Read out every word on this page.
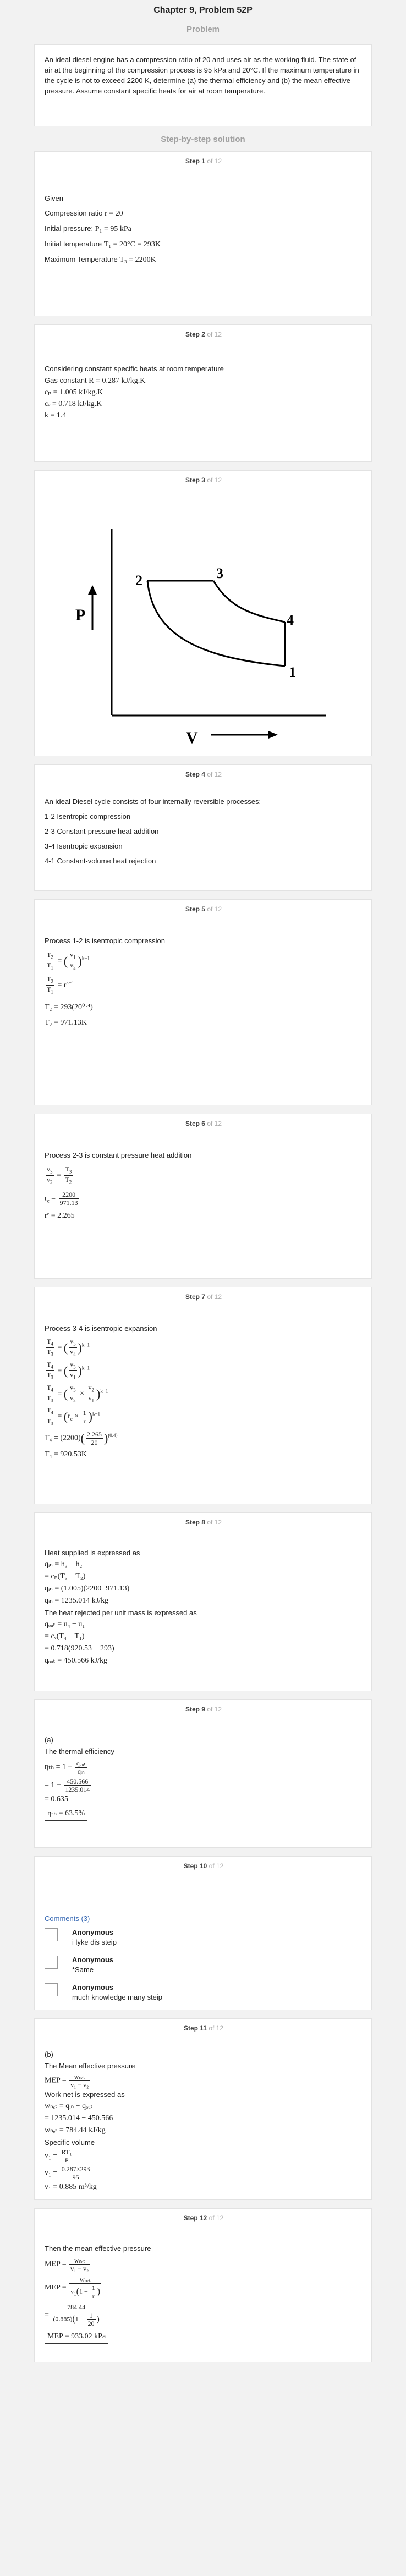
Chapter 9, Problem 52P
Problem
An ideal diesel engine has a compression ratio of 20 and uses air as the working fluid. The state of air at the beginning of the compression process is 95 kPa and 20°C. If the maximum temperature in the cycle is not to exceed 2200 K, determine (a) the thermal efficiency and (b) the mean effective pressure. Assume constant specific heats for air at room temperature.
Step-by-step solution
Step 1 of 12
Given
Compression ratio r = 20
Initial pressure: P₁ = 95 kPa
Initial temperature T₁ = 20°C = 293K
Maximum Temperature T₃ = 2200K
Step 2 of 12
Considering constant specific heats at room temperature
Gas constant R = 0.287 kJ/kg.K
cₚ = 1.005 kJ/kg.K
cᵥ = 0.718 kJ/kg.K
k = 1.4
Step 3 of 12
P
V
2	3
4
1
Step 4 of 12
An ideal Diesel cycle consists of four internally reversible processes:
1-2 Isentropic compression
2-3 Constant-pressure heat addition
3-4 Isentropic expansion
4-1 Constant-volume heat rejection
Step 5 of 12
Process 1-2 is isentropic compression
$\frac{T_2}{T_1}$ = ( $\frac{v_1}{v_2} )^{k-1}$
$\frac{T_2}{T_1} = r^{k-1}$
T₂ = 293(20⁰·⁴)
T₂ = 971.13K
Step 6 of 12
Process 2-3 is constant pressure heat addition
$\frac{v_3}{v_2} = \frac{T_3}{T_2}$
$r_c = \frac{2200}{971.13}$
rᶜ = 2.265
Step 7 of 12
Process 3-4 is isentropic expansion
$\frac{T_4}{T_3}$ = ( $\frac{v_3}{v_4} )^{k-1}$
$\frac{T_4}{T_3}$ = ( $\frac{v_3}{v_1} )^{k-1}$
$\frac{T_4}{T_3}$ = ( $\frac{v_3}{v_2} \times \frac{v_2}{v_1} )^{k-1}$
$\frac{T_4}{T_3} = (r_c \times \frac{1}{r} )^{k-1}$
$T_4 = (2200)( \frac{2.265}{20} )^{(0.4)}$
T₄ = 920.53K
Step 8 of 12
Heat supplied is expressed as
qᵢₙ = h₃ − h₂
= cₚ(T₃ − T₂)
qᵢₙ = (1.005)(2200−971.13)
qᵢₙ = 1235.014 kJ/kg
The heat rejected per unit mass is expressed as
qₒᵤₜ = u₄ − u₁
= cᵥ(T₄ − T₁)
= 0.718(920.53 − 293)
qₒᵤₜ = 450.566 kJ/kg
Step 9 of 12
(a)
The thermal efficiency
$\eta_{th} = 1 - \frac{\text{qₒᵤₜ}}{\text{qᵢₙ}}$
= $1 - \frac{450.566}{1235.014}$
= 0.635
ηₜₕ = 63.5%
Step 10 of 12
Comments (3)
Anonymous
i lyke dis steip
Anonymous
*Same
Anonymous
much knowledge many steip
Step 11 of 12
(b)
The Mean effective pressure
MEP = $\frac{\text{wₙₑₜ}}{\text{v₁ − v₂}}$
Work net is expressed as
wₙₑₜ = qᵢₙ − qₒᵤₜ
= 1235.014 − 450.566
wₙₑₜ = 784.44 kJ/kg
Specific volume
$v_1 = \frac{\text{RT₁}}{P}$
$v_1 = \frac{0.287\times 293}{95}$
v₁ = 0.885 m³/kg
Step 12 of 12
Then the mean effective pressure
MEP = $\frac{\text{wₙₑₜ}}{\text{v₁ − v₂}}$
MEP = $\frac{\text{wₙₑₜ}}{v_1(1 - \frac{1}{r} )}$
= $\frac{784.44}{(0.885)(1 - \frac{1}{20} )}$
MEP = 933.02 kPa
